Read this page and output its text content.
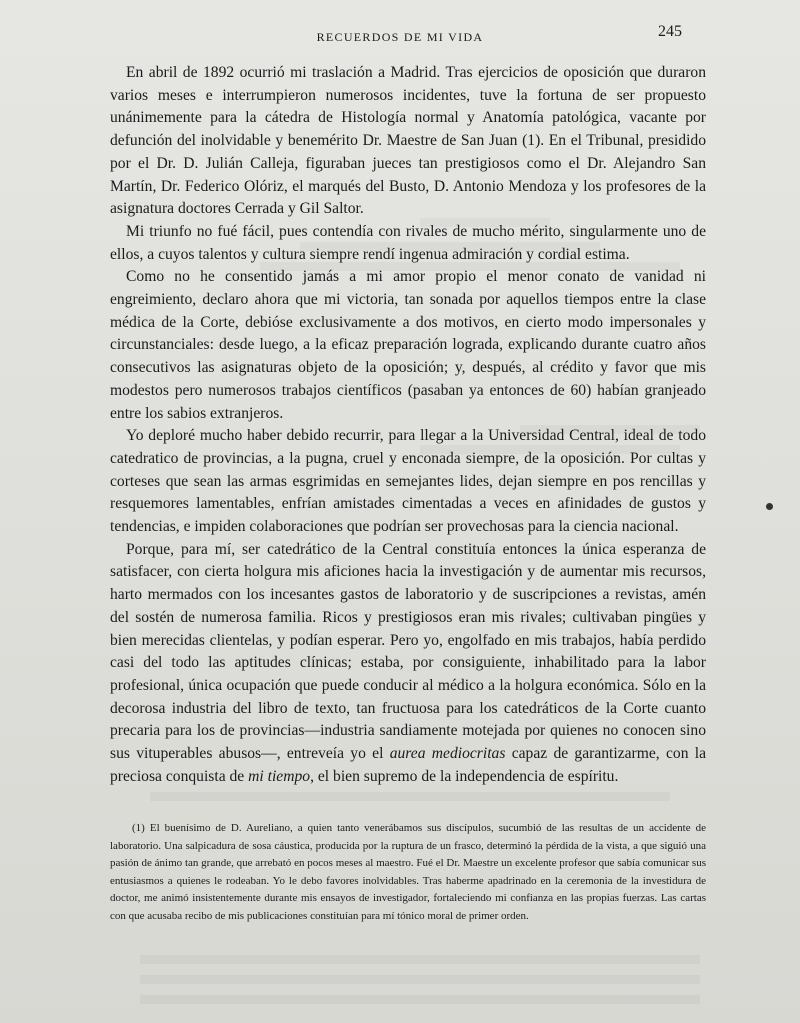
RECUERDOS DE MI VIDA	245

En abril de 1892 ocurrió mi traslación a Madrid. Tras ejercicios de oposición que duraron varios meses e interrumpieron numerosos incidentes, tuve la fortuna de ser propuesto unánimemente para la cátedra de Histología normal y Anatomía patológica, vacante por defunción del inolvidable y benemérito Dr. Maestre de San Juan (1). En el Tribunal, presidido por el Dr. D. Julián Calleja, figuraban jueces tan prestigiosos como el Dr. Alejandro San Martín, Dr. Federico Olóriz, el marqués del Busto, D. Antonio Mendoza y los profesores de la asignatura doctores Cerrada y Gil Saltor.

Mi triunfo no fué fácil, pues contendía con rivales de mucho mérito, singularmente uno de ellos, a cuyos talentos y cultura siempre rendí ingenua admiración y cordial estima.

Como no he consentido jamás a mi amor propio el menor conato de vanidad ni engreimiento, declaro ahora que mi victoria, tan sonada por aquellos tiempos entre la clase médica de la Corte, debióse exclusivamente a dos motivos, en cierto modo impersonales y circunstanciales: desde luego, a la eficaz preparación lograda, explicando durante cuatro años consecutivos las asignaturas objeto de la oposición; y, después, al crédito y favor que mis modestos pero numerosos trabajos científicos (pasaban ya entonces de 60) habían granjeado entre los sabios extranjeros.

Yo deploré mucho haber debido recurrir, para llegar a la Universidad Central, ideal de todo catedratico de provincias, a la pugna, cruel y enconada siempre, de la oposición. Por cultas y corteses que sean las armas esgrimidas en semejantes lides, dejan siempre en pos rencillas y resquemores lamentables, enfrían amistades cimentadas a veces en afinidades de gustos y tendencias, e impiden colaboraciones que podrían ser provechosas para la ciencia nacional.

Porque, para mí, ser catedrático de la Central constituía entonces la única esperanza de satisfacer, con cierta holgura mis aficiones hacia la investigación y de aumentar mis recursos, harto mermados con los incesantes gastos de laboratorio y de suscripciones a revistas, amén del sostén de numerosa familia. Ricos y prestigiosos eran mis rivales; cultivaban pingües y bien merecidas clientelas, y podían esperar. Pero yo, engolfado en mis trabajos, había perdido casi del todo las aptitudes clínicas; estaba, por consiguiente, inhabilitado para la labor profesional, única ocupación que puede conducir al médico a la holgura económica. Sólo en la decorosa industria del libro de texto, tan fructuosa para los catedráticos de la Corte cuanto precaria para los de provincias—industria sandiamente motejada por quienes no conocen sino sus vituperables abusos—, entreveía yo el aurea mediocritas capaz de garantizarme, con la preciosa conquista de mi tiempo, el bien supremo de la independencia de espíritu.

(1) El buenísimo de D. Aureliano, a quien tanto venerábamos sus discípulos, sucumbió de las resultas de un accidente de laboratorio. Una salpicadura de sosa cáustica, producida por la ruptura de un frasco, determinó la pérdida de la vista, a que siguió una pasión de ánimo tan grande, que arrebató en pocos meses al maestro. Fué el Dr. Maestre un excelente profesor que sabía comunicar sus entusiasmos a quienes le rodeaban. Yo le debo favores inolvidables. Tras haberme apadrinado en la ceremonia de la investidura de doctor, me animó insistentemente durante mis ensayos de investigador, fortaleciendo mi confianza en las propias fuerzas. Las cartas con que acusaba recibo de mis publicaciones constituían para mí tónico moral de primer orden.
